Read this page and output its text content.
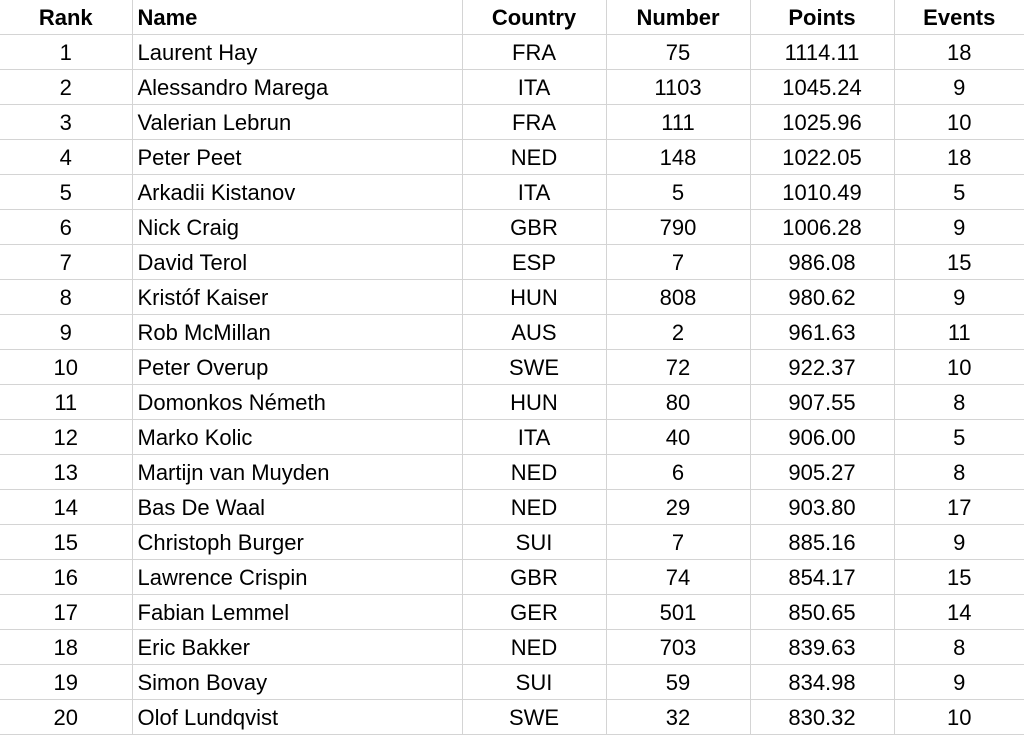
Rank	Name	Country	Number	Points	Events
1	Laurent Hay	FRA	75	1114.11	18
2	Alessandro Marega	ITA	1103	1045.24	9
3	Valerian Lebrun	FRA	111	1025.96	10
4	Peter Peet	NED	148	1022.05	18
5	Arkadii Kistanov	ITA	5	1010.49	5
6	Nick Craig	GBR	790	1006.28	9
7	David Terol	ESP	7	986.08	15
8	Kristóf Kaiser	HUN	808	980.62	9
9	Rob McMillan	AUS	2	961.63	11
10	Peter Overup	SWE	72	922.37	10
11	Domonkos Németh	HUN	80	907.55	8
12	Marko Kolic	ITA	40	906.00	5
13	Martijn van Muyden	NED	6	905.27	8
14	Bas De Waal	NED	29	903.80	17
15	Christoph Burger	SUI	7	885.16	9
16	Lawrence Crispin	GBR	74	854.17	15
17	Fabian Lemmel	GER	501	850.65	14
18	Eric Bakker	NED	703	839.63	8
19	Simon Bovay	SUI	59	834.98	9
20	Olof Lundqvist	SWE	32	830.32	10
